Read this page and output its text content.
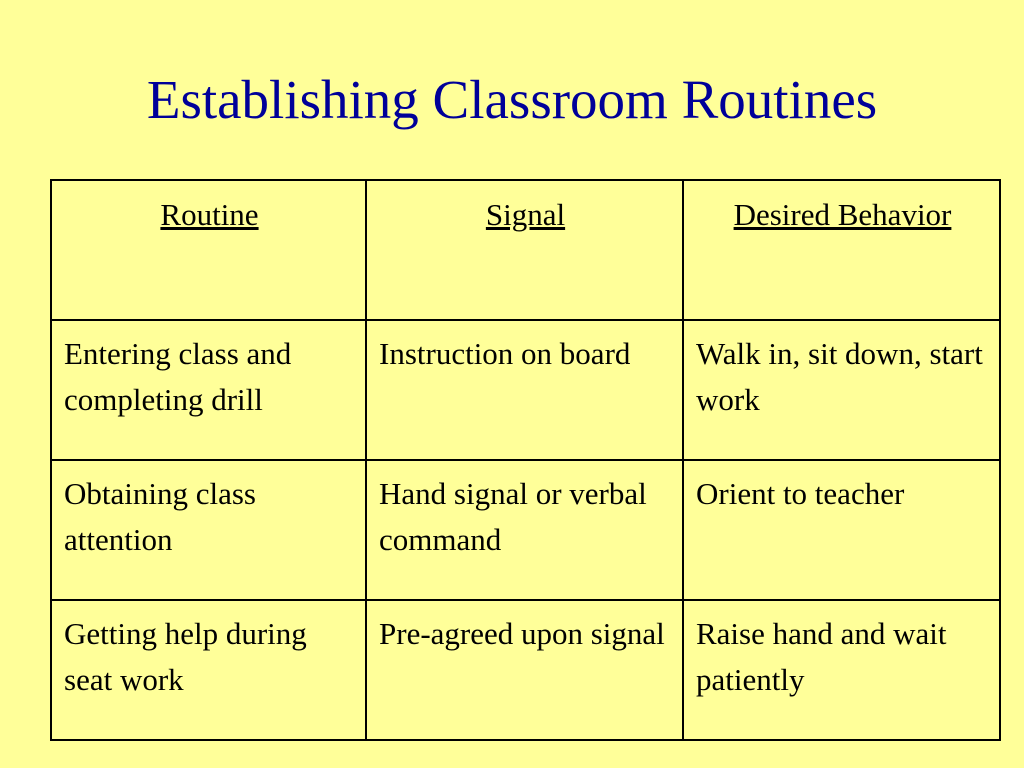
Establishing Classroom Routines
Routine	Signal	Desired Behavior
Entering class and completing drill	Instruction on board	Walk in, sit down, start work
Obtaining class attention	Hand signal or verbal command	Orient to teacher
Getting help during seat work	Pre-agreed upon signal	Raise hand and wait patiently
